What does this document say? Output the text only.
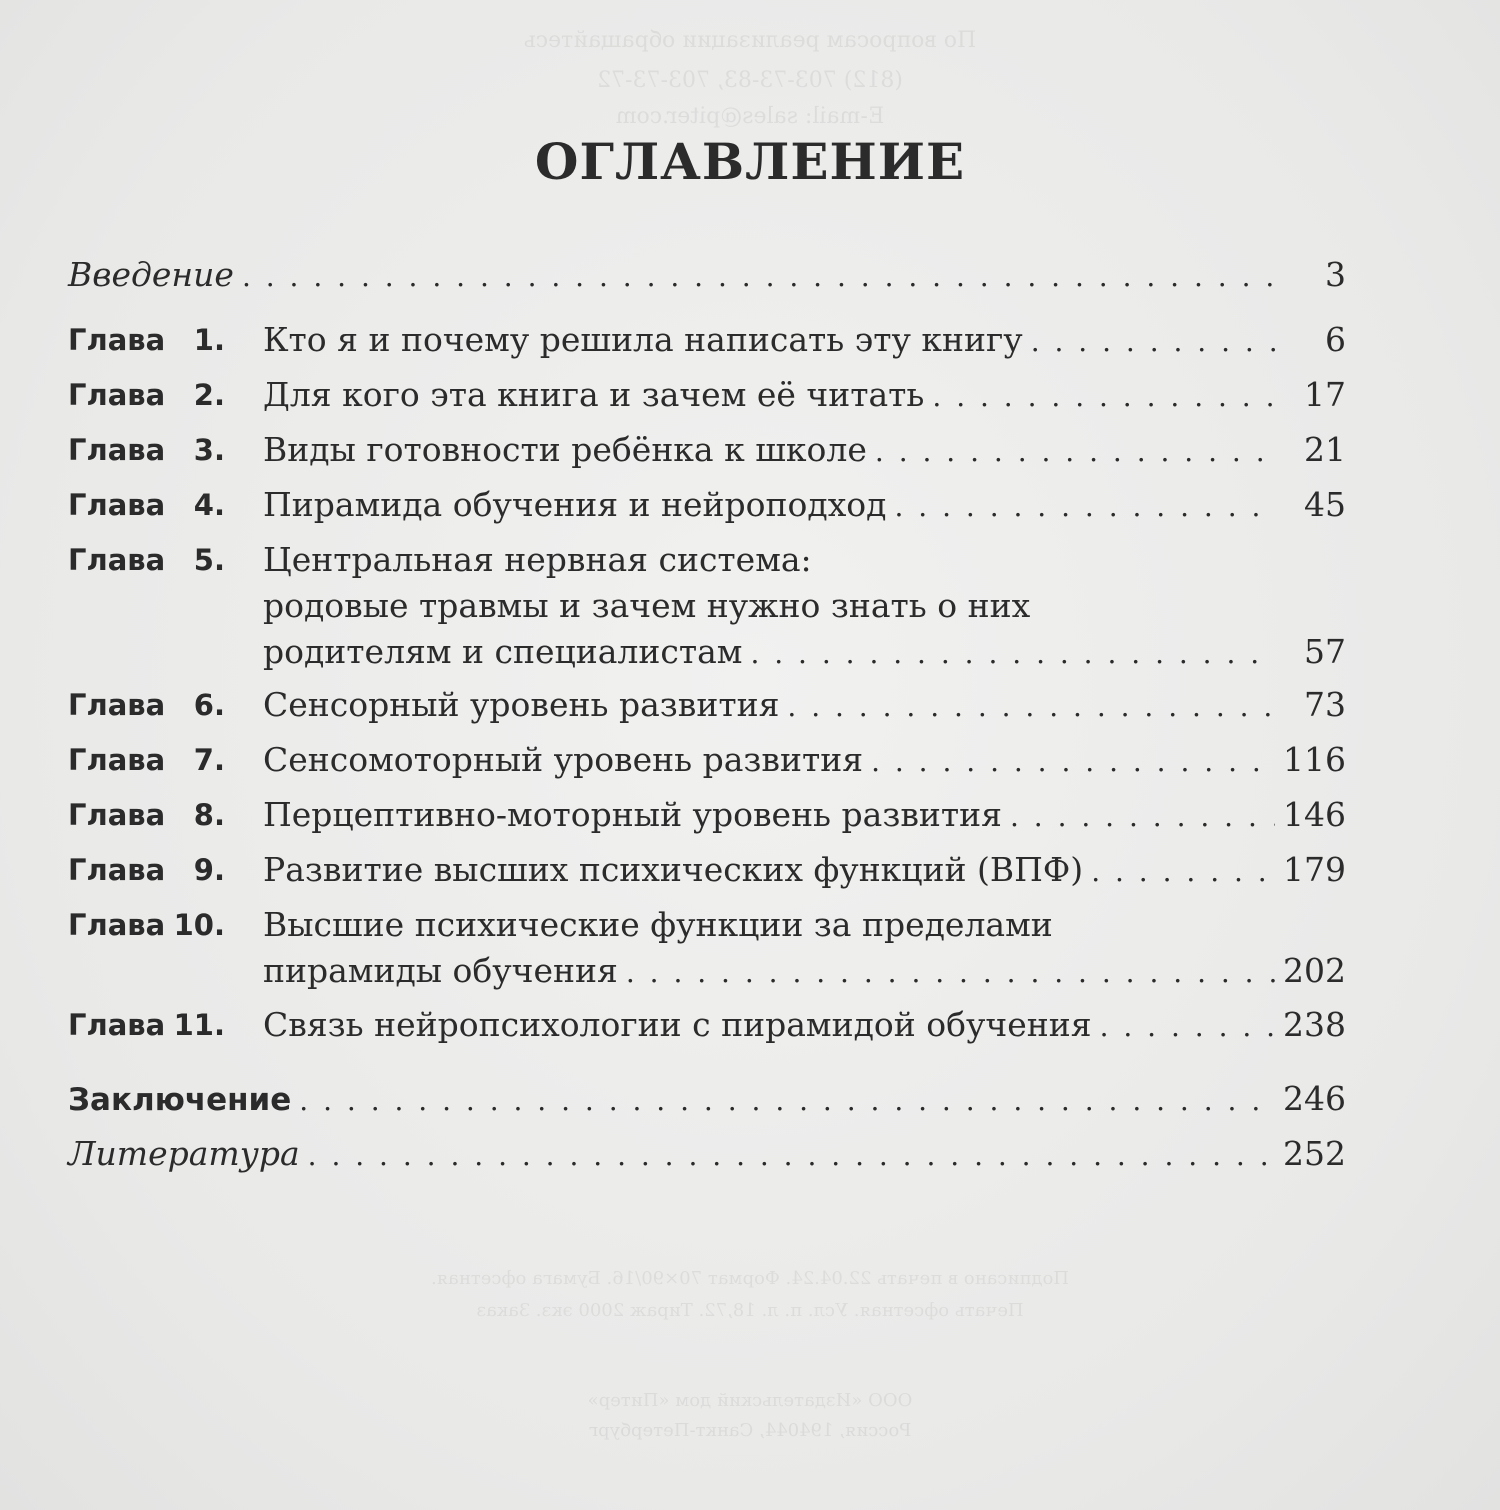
По вопросам реализации обращайтесь
(812) 703-73-83, 703-73-72
E-mail: sales@piter.com
Подписано в печать 22.04.24. Формат 70×90/16. Бумага офсетная.
Печать офсетная. Усл. п. л. 18,72. Тираж 2000 экз. Заказ
ООО «Издательский дом «Питер»
Россия, 194044, Санкт-Петербург
ОГЛАВЛЕНИЕ
Введение . . .	3
Глава 1. Кто я и почему решила написать эту книгу . . .	6
Глава 2. Для кого эта книга и зачем её читать . . .	17
Глава 3. Виды готовности ребёнка к школе . . .	21
Глава 4. Пирамида обучения и нейроподход . . .	45
Глава 5. Центральная нервная система:
родовые травмы и зачем нужно знать о них
родителям и специалистам . . .	57
Глава 6. Сенсорный уровень развития . . .	73
Глава 7. Сенсомоторный уровень развития . . .	116
Глава 8. Перцептивно-моторный уровень развития . . .	146
Глава 9. Развитие высших психических функций (ВПФ) . . .	179
Глава 10. Высшие психические функции за пределами
пирамиды обучения . . .	202
Глава 11. Связь нейропсихологии с пирамидой обучения . . .	238
Заключение . . .	246
Литература . . .	252
